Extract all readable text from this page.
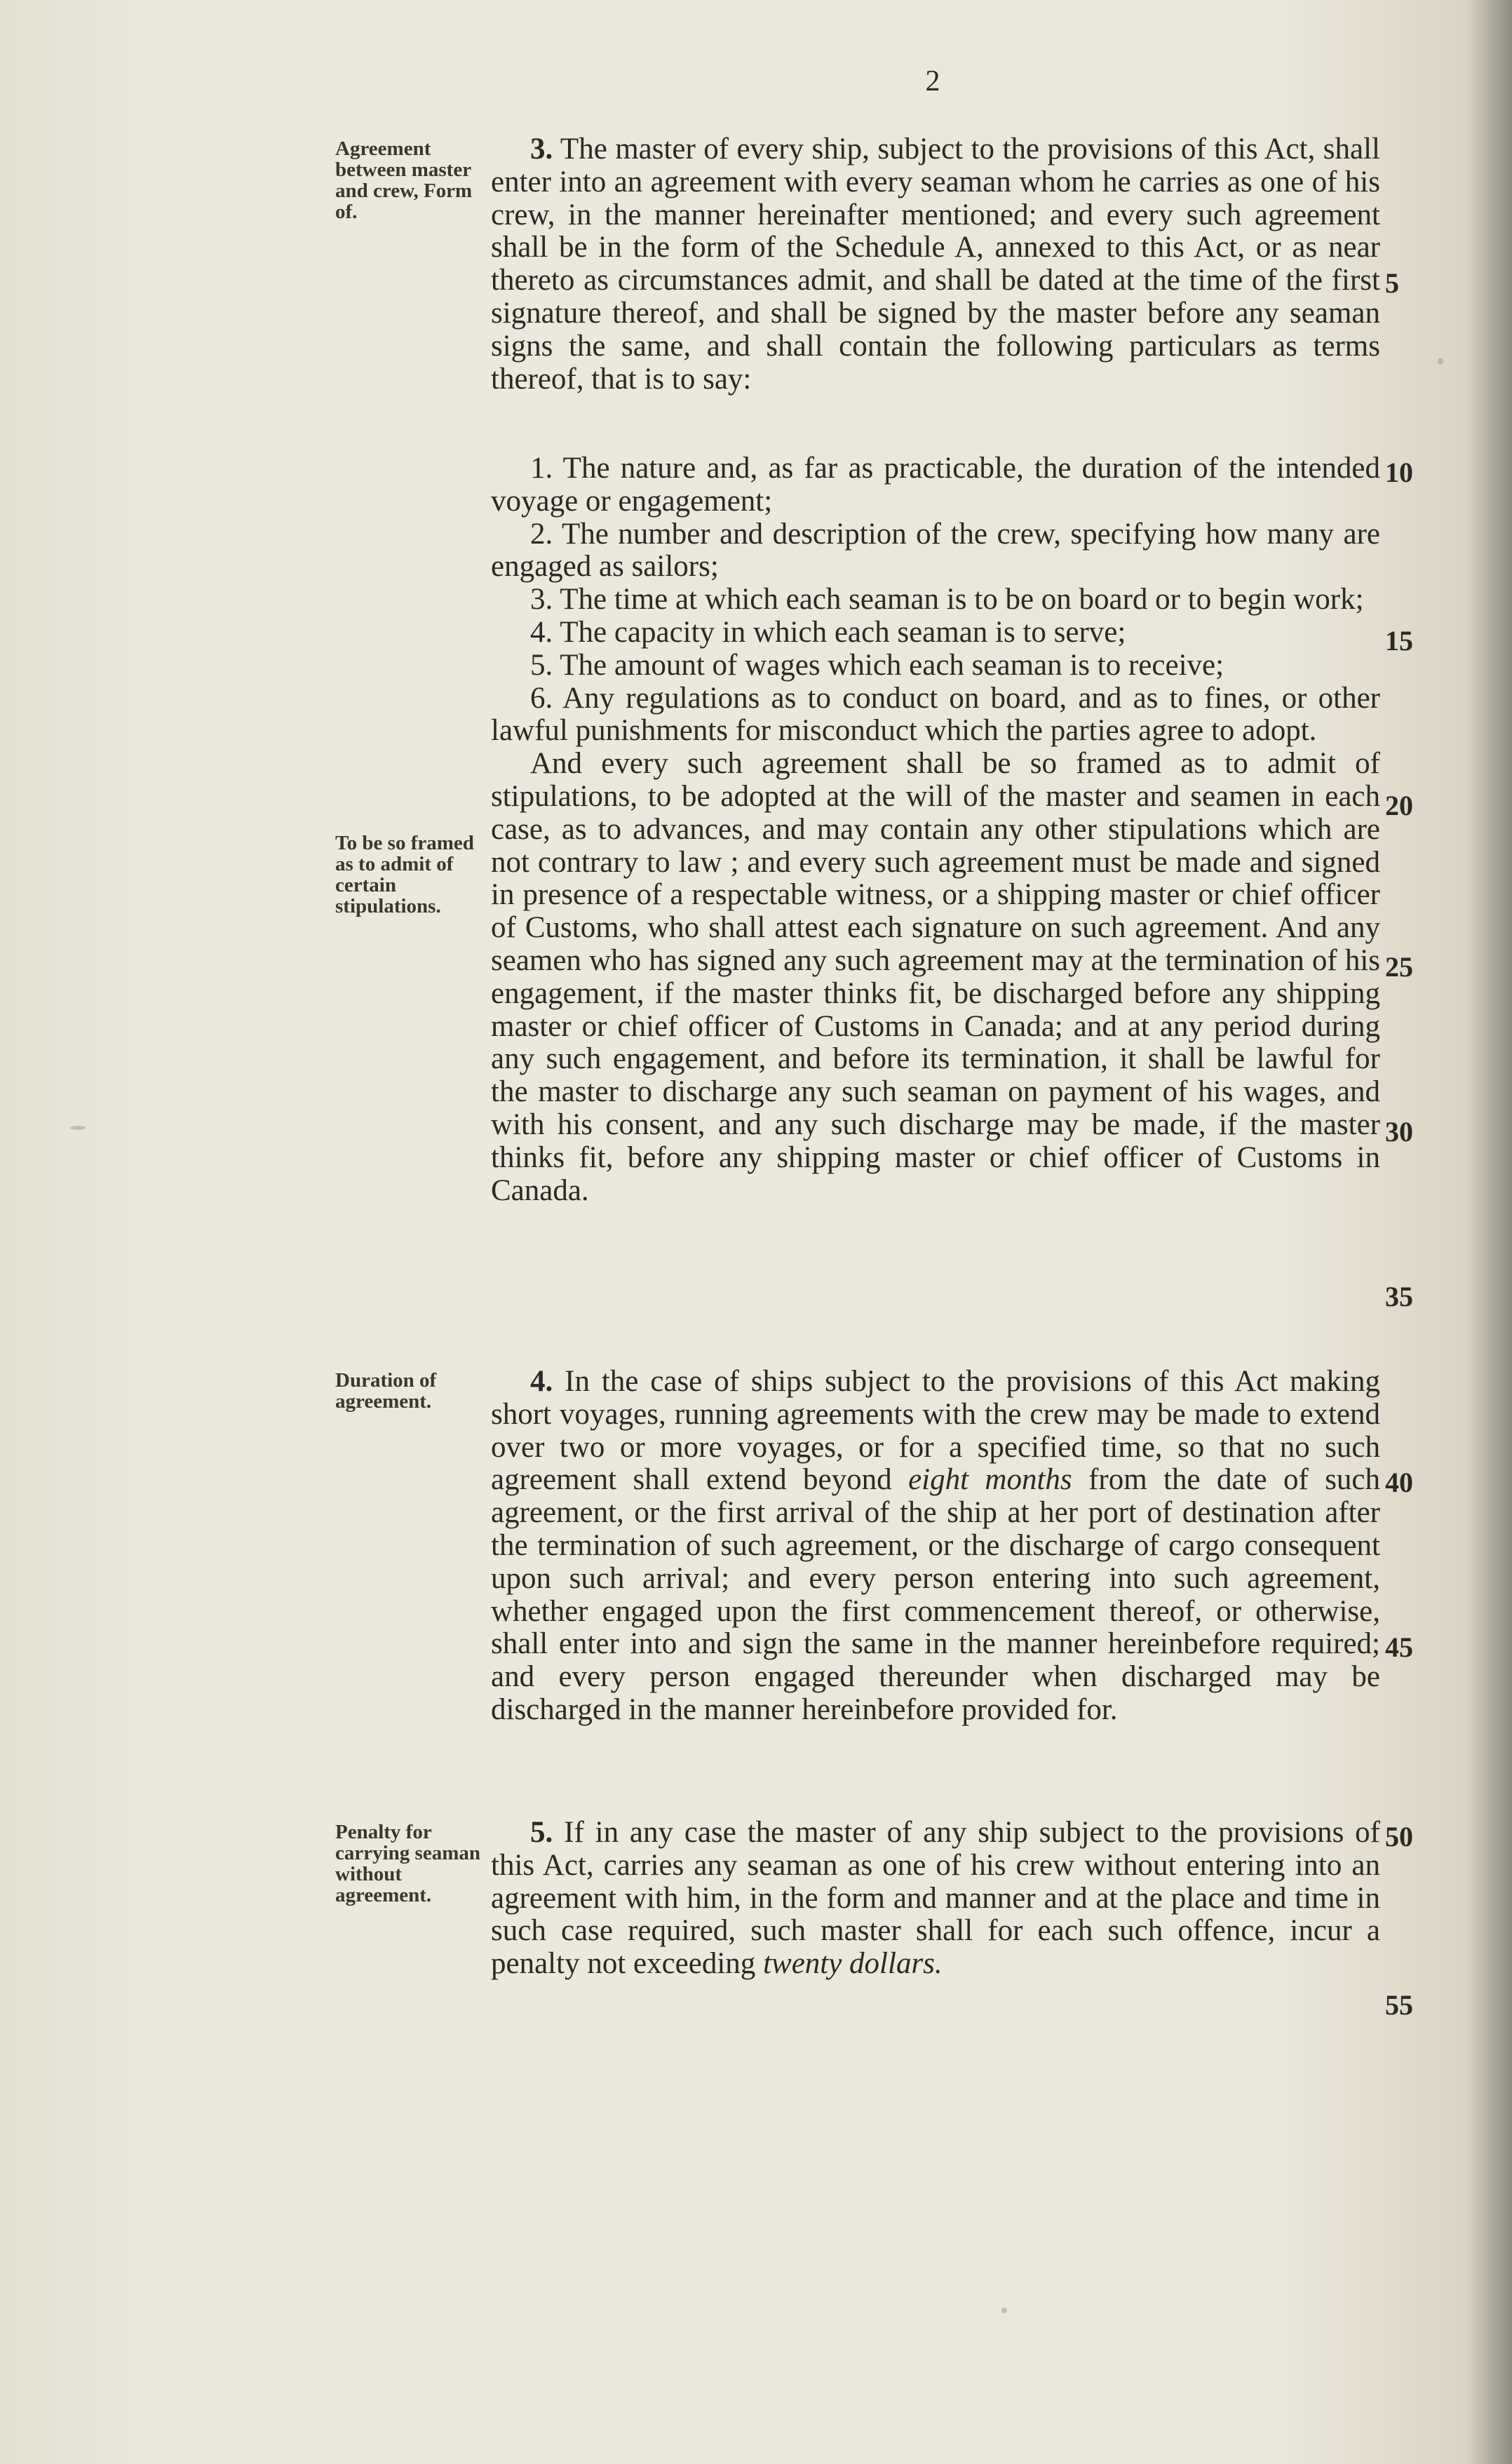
2
Agreement between master and crew, Form of.
To be so framed as to admit of certain stipulations.
Duration of agreement.
Penalty for carrying seaman without agreement.

3. The master of every ship, subject to the provisions of this Act, shall enter into an agreement with every seaman whom he carries as one of his crew, in the manner hereinafter mentioned; and every such agreement shall be in the form of the Schedule A, annexed to this Act, or as near thereto as circumstances admit, and shall be dated at the time of the first signature thereof, and shall be signed by the master before any seaman signs the same, and shall contain the following particulars as terms thereof, that is to say:

1. The nature and, as far as practicable, the duration of the intended voyage or engagement;

2. The number and description of the crew, specifying how many are engaged as sailors;

3. The time at which each seaman is to be on board or to begin work;

4. The capacity in which each seaman is to serve;

5. The amount of wages which each seaman is to receive;

6. Any regulations as to conduct on board, and as to fines, or other lawful punishments for misconduct which the parties agree to adopt.

And every such agreement shall be so framed as to admit of stipulations, to be adopted at the will of the master and seamen in each case, as to advances, and may contain any other stipulations which are not contrary to law ; and every such agreement must be made and signed in presence of a respectable witness, or a shipping master or chief officer of Customs, who shall attest each signature on such agreement. And any seamen who has signed any such agreement may at the termination of his engagement, if the master thinks fit, be discharged before any shipping master or chief officer of Customs in Canada; and at any period during any such engagement, and before its termination, it shall be lawful for the master to discharge any such seaman on payment of his wages, and with his consent, and any such discharge may be made, if the master thinks fit, before any shipping master or chief officer of Customs in Canada.

4. In the case of ships subject to the provisions of this Act making short voyages, running agreements with the crew may be made to extend over two or more voyages, or for a specified time, so that no such agreement shall extend beyond eight months from the date of such agreement, or the first arrival of the ship at her port of destination after the termination of such agreement, or the discharge of cargo consequent upon such arrival; and every person entering into such agreement, whether engaged upon the first commencement thereof, or otherwise, shall enter into and sign the same in the manner hereinbefore required; and every person engaged thereunder when discharged may be discharged in the manner hereinbefore provided for.

5. If in any case the master of any ship subject to the provisions of this Act, carries any seaman as one of his crew without entering into an agreement with him, in the form and manner and at the place and time in such case required, such master shall for each such offence, incur a penalty not exceeding twenty dollars.

5
10
15
20
25
30
35
40
45
50
55
